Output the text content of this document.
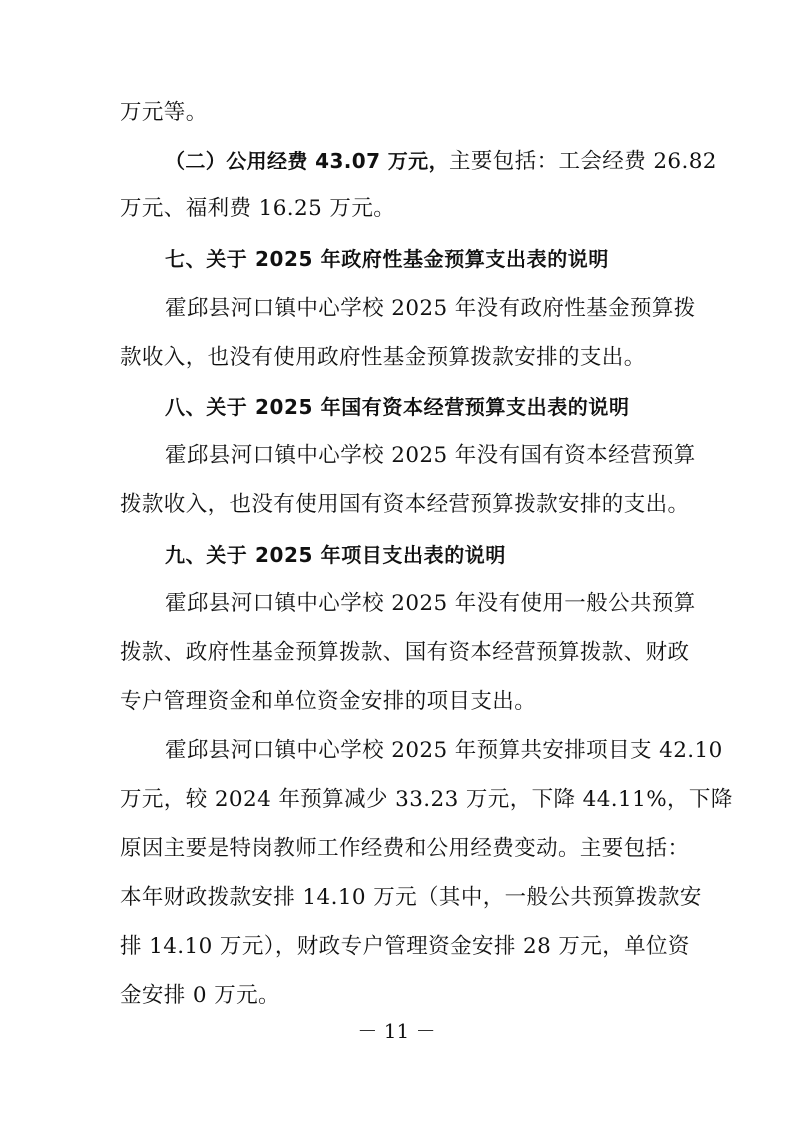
万元等。
（二）公用经费 43.07 万元，主要包括：工会经费 26.82
万元、福利费 16.25 万元。
七、关于 2025 年政府性基金预算支出表的说明
霍邱县河口镇中心学校 2025 年没有政府性基金预算拨
款收入，也没有使用政府性基金预算拨款安排的支出。
八、关于 2025 年国有资本经营预算支出表的说明
霍邱县河口镇中心学校 2025 年没有国有资本经营预算
拨款收入，也没有使用国有资本经营预算拨款安排的支出。
九、关于 2025 年项目支出表的说明
霍邱县河口镇中心学校 2025 年没有使用一般公共预算
拨款、政府性基金预算拨款、国有资本经营预算拨款、财政
专户管理资金和单位资金安排的项目支出。
霍邱县河口镇中心学校 2025 年预算共安排项目支 42.10
万元，较 2024 年预算减少 33.23 万元，下降 44.11%，下降
原因主要是特岗教师工作经费和公用经费变动。主要包括：
本年财政拨款安排 14.10 万元（其中，一般公共预算拨款安
排 14.10 万元），财政专户管理资金安排 28 万元，单位资
金安排 0 万元。
－ 11 －
